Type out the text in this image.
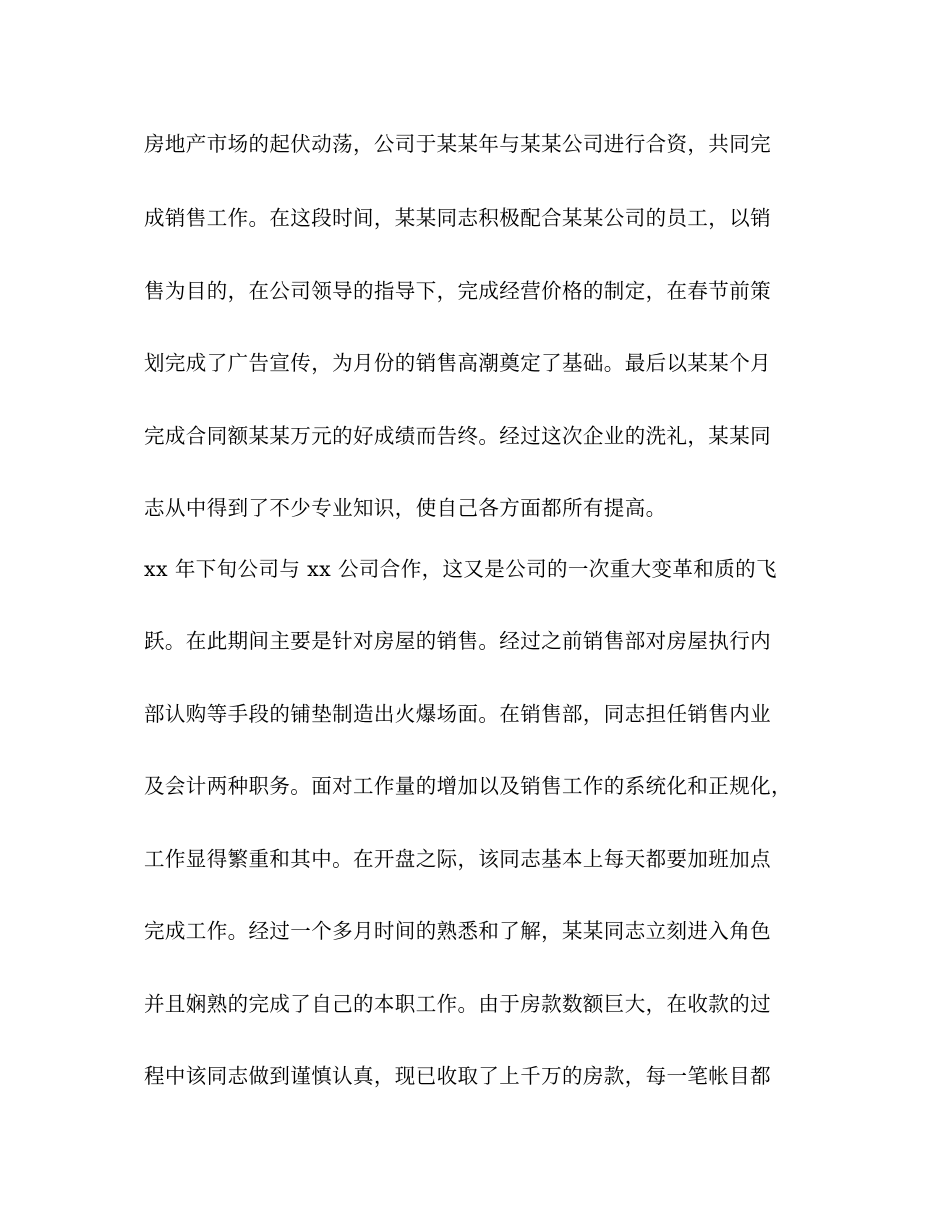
房地产市场的起伏动荡，公司于某某年与某某公司进行合资，共同完
成销售工作。在这段时间，某某同志积极配合某某公司的员工，以销
售为目的，在公司领导的指导下，完成经营价格的制定，在春节前策
划完成了广告宣传，为月份的销售高潮奠定了基础。最后以某某个月
完成合同额某某万元的好成绩而告终。经过这次企业的洗礼，某某同
志从中得到了不少专业知识，使自己各方面都所有提高。
xx 年下旬公司与 xx 公司合作，这又是公司的一次重大变革和质的飞
跃。在此期间主要是针对房屋的销售。经过之前销售部对房屋执行内
部认购等手段的铺垫制造出火爆场面。在销售部，同志担任销售内业
及会计两种职务。面对工作量的增加以及销售工作的系统化和正规化，
工作显得繁重和其中。在开盘之际，该同志基本上每天都要加班加点
完成工作。经过一个多月时间的熟悉和了解，某某同志立刻进入角色
并且娴熟的完成了自己的本职工作。由于房款数额巨大，在收款的过
程中该同志做到谨慎认真，现已收取了上千万的房款，每一笔帐目都
